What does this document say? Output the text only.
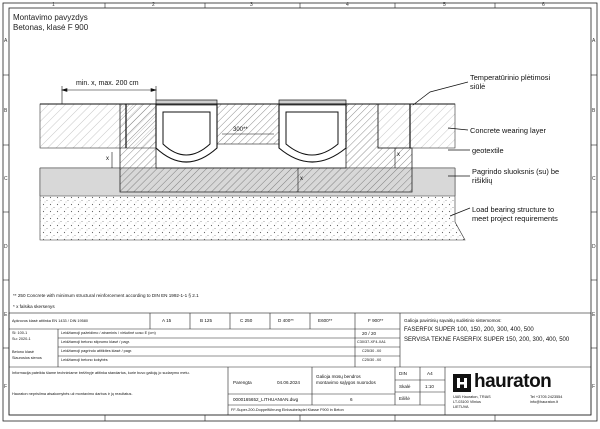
1	2	3	4	5	6
A
B
C
D
E
F
A
B
C
D
E
F
Montavimo pavyzdys
Betonas, klasė F 900
min. x, max. 200 cm
300**
x
x
x
Temperatūrinio plėtimosi
siūlė
Concrete wearing layer
geotextile
Pagrindo sluoksnis (su) be
rišiklių
Load bearing structure to
meet project requirements
** 250 Concrete with minimum structural reinforcement according to DIN EN 1992-1-1 § 2.1
* x falsika skersenys
Apkrovos klasė atitinka EN 1433 / DIN 19580	A 15	B 125	C 250	D 400**	E600**	F 900**
Sl: 100-1
Su: 2020-1
Betono klasė
Siaurosios sienos
Leidžiamoji pažeidimo / atraminis / viršutinė uoso E (cm)	20 / 20
Leidžiamoji betono stiprumo klasė / pagr.	C30/37-XF4-XA1
Leidžiamoji pagrindo atitikties klasė / pagr.	C25/30 -X0
Leidžiamoji betono kokybės	C25/30 -X0
Galioja pavirtinių sąvaitių sudėtinio sistemomos:
FASERFIX SUPER 100, 150, 200, 300, 400, 500
SERVISA TEKNE FASERFIX SUPER 150, 200, 300, 400, 500
Informacija pateikta šiame techniniame brėžinyje atitinka standartus, kurie buvo galioję jo sudarymo metu.
Hauraton neprisiima atsakomybės už montavimo darbus ir jų rezultatus.
Parengta	04.06.2024
Galioja mūsų bendros
montavimo sąlygos nuorodos
0000165652_LITHUANIAN.dwg
DIN	A4
Skalė	1:10
Eilišė
6
hauraton
UAB Hauraton, TRIAS
LT-03100 Vilnius
LIETUVA
Tel +3705 2423554
info@hauraton.lt
FF-Super-200-Doppelführung Einbaubeispiel Klasse F900 in Beton
